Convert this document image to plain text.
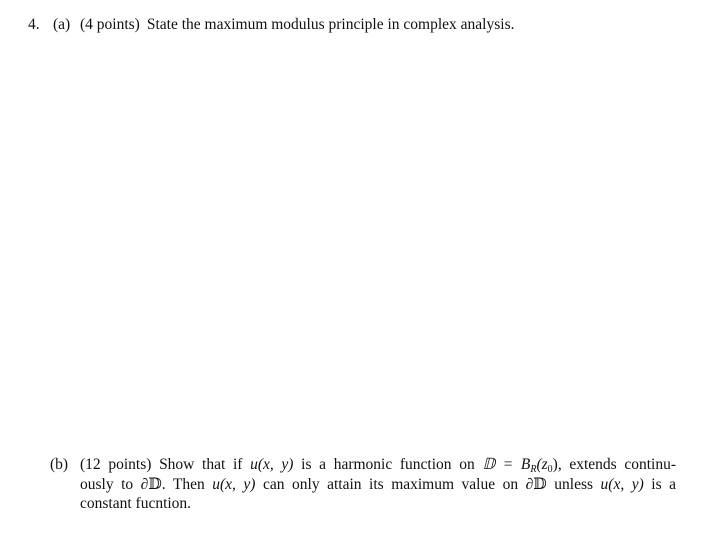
4. (a) (4 points) State the maximum modulus principle in complex analysis.
(b) (12 points) Show that if u(x, y) is a harmonic function on 𝔻 = $B_R(z_0)$, extends continu-
ously to ∂𝔻. Then u(x, y) can only attain its maximum value on ∂𝔻 unless u(x, y) is a
constant fucntion.
